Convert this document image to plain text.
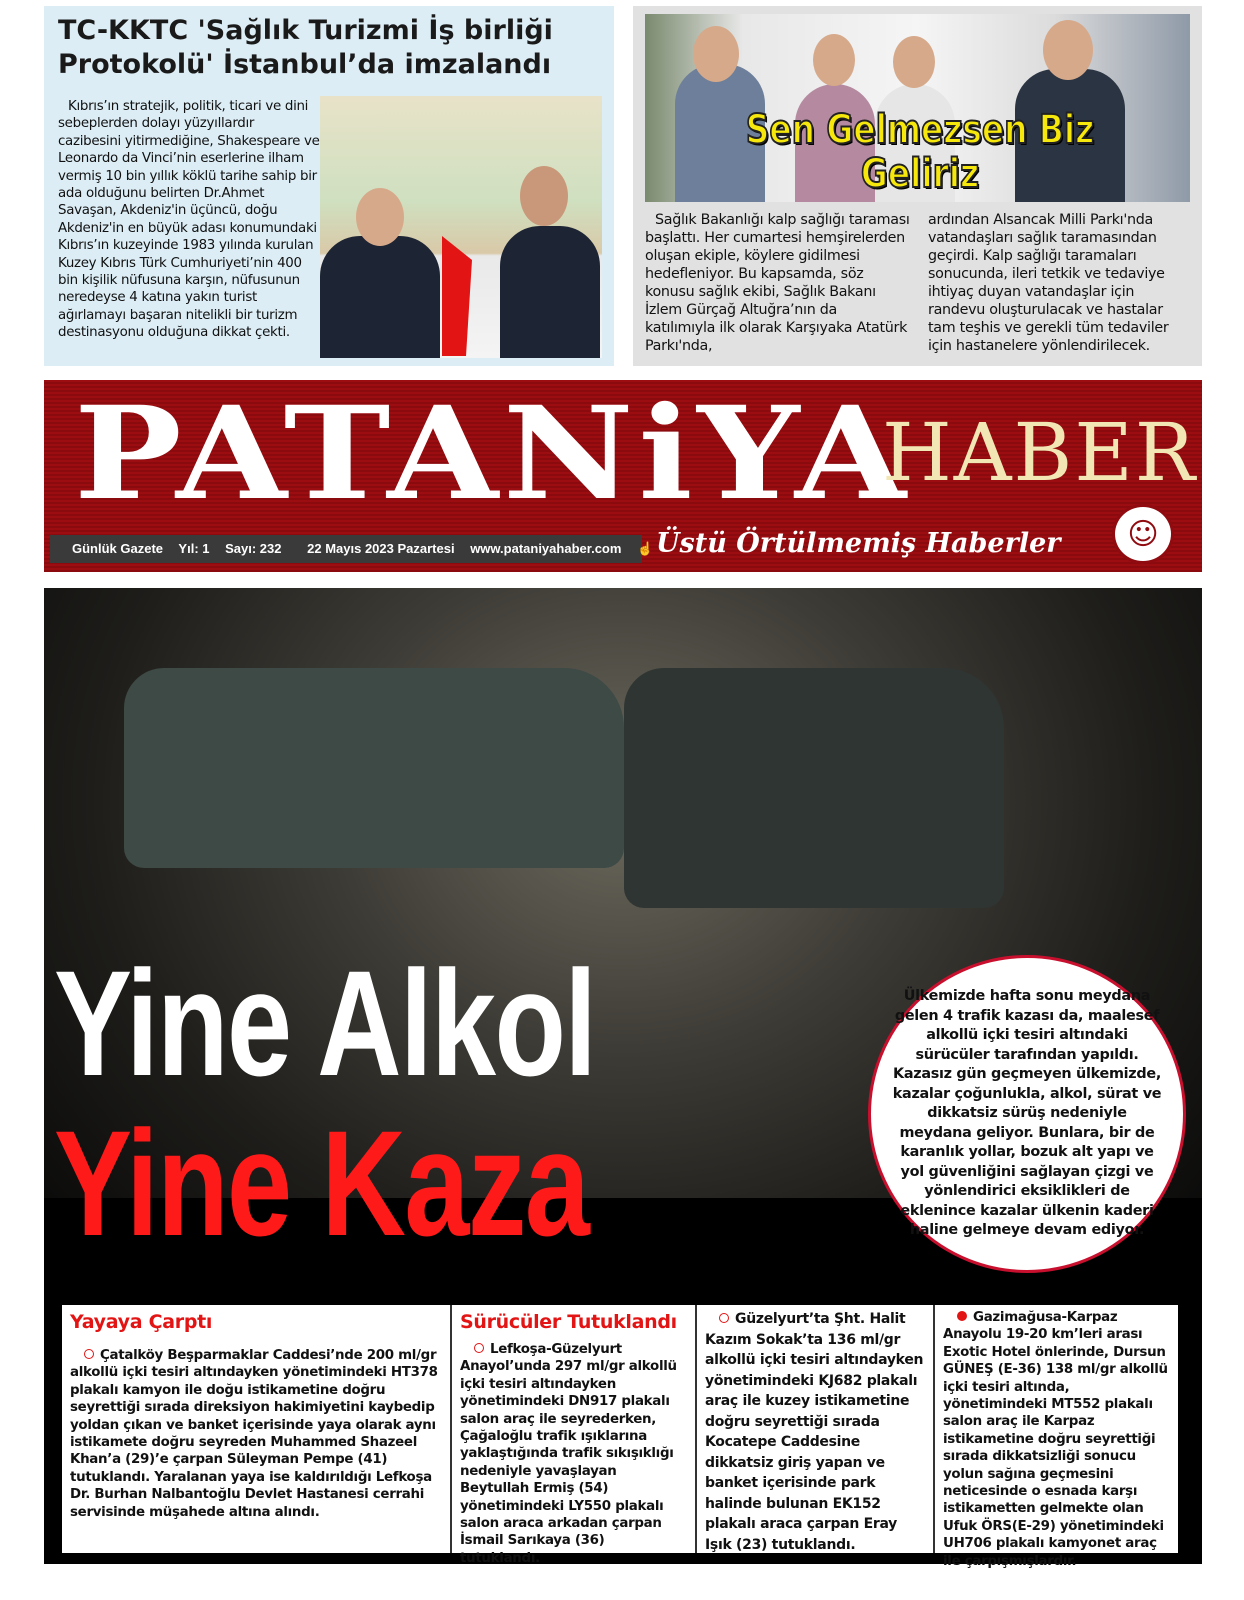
TC-KKTC 'Sağlık Turizmi İş birliği Protokolü' İstanbul’da imzalandı

Kıbrıs’ın stratejik, politik, ticari ve dini sebeplerden dolayı yüzyıllardır cazibesini yitirmediğine, Shakespeare ve Leonardo da Vinci’nin eserlerine ilham vermiş 10 bin yıllık köklü tarihe sahip bir ada olduğunu belirten Dr.Ahmet Savaşan, Akdeniz'in üçüncü, doğu Akdeniz'in en büyük adası konumundaki Kıbrıs’ın kuzeyinde 1983 yılında kurulan Kuzey Kıbrıs Türk Cumhuriyeti’nin 400 bin kişilik nüfusuna karşın, nüfusunun neredeyse 4 katına yakın turist ağırlamayı başaran nitelikli bir turizm destinasyonu olduğuna dikkat çekti.

Sen Gelmezsen Biz Geliriz

Sağlık Bakanlığı kalp sağlığı taraması başlattı. Her cumartesi hemşirelerden oluşan ekiple, köylere gidilmesi hedefleniyor. Bu kapsamda, söz konusu sağlık ekibi, Sağlık Bakanı İzlem Gürçağ Altuğra’nın da katılımıyla ilk olarak Karşıyaka Atatürk Parkı'nda,

ardından Alsancak Milli Parkı'nda vatandaşları sağlık taramasından geçirdi. Kalp sağlığı taramaları sonucunda, ileri tetkik ve tedaviye ihtiyaç duyan vatandaşlar için randevu oluşturulacak ve hastalar tam teşhis ve gerekli tüm tedaviler için hastanelere yönlendirilecek.

PATANiYA
HABER
Günlük Gazete Yıl: 1 Sayı: 232 22 Mayıs 2023 Pazartesi www.pataniyahaber.com ☝ Üstü Örtülmemiş Haberler	☺
Yine Alkol
Yine Kaza

Ülkemizde hafta sonu meydana gelen 4 trafik kazası da, maalesef alkollü içki tesiri altındaki sürücüler tarafından yapıldı. Kazasız gün geçmeyen ülkemizde, kazalar çoğunlukla, alkol, sürat ve dikkatsiz sürüş nedeniyle meydana geliyor. Bunlara, bir de karanlık yollar, bozuk alt yapı ve yol güvenliğini sağlayan çizgi ve yönlendirici eksiklikleri de eklenince kazalar ülkenin kaderi haline gelmeye devam ediyor.

Yayaya Çarptı
Çatalköy Beşparmaklar Caddesi’nde 200 ml/gr alkollü içki tesiri altındayken yönetimindeki HT378 plakalı kamyon ile doğu istikametine doğru seyrettiği sırada direksiyon hakimiyetini kaybedip yoldan çıkan ve banket içerisinde yaya olarak aynı istikamete doğru seyreden Muhammed Shazeel Khan’a (29)’e çarpan Süleyman Pempe (41) tutuklandı. Yaralanan yaya ise kaldırıldığı Lefkoşa Dr. Burhan Nalbantoğlu Devlet Hastanesi cerrahi servisinde müşahede altına alındı.
Sürücüler Tutuklandı
Lefkoşa-Güzelyurt Anayol’unda 297 ml/gr alkollü içki tesiri altındayken yönetimindeki DN917 plakalı salon araç ile seyrederken, Çağaloğlu trafik ışıklarına yaklaştığında trafik sıkışıklığı nedeniyle yavaşlayan Beytullah Ermiş (54) yönetimindeki LY550 plakalı salon araca arkadan çarpan İsmail Sarıkaya (36) tutuklandı.
Güzelyurt’ta Şht. Halit Kazım Sokak’ta 136 ml/gr alkollü içki tesiri altındayken yönetimindeki KJ682 plakalı araç ile kuzey istikametine doğru seyrettiği sırada Kocatepe Caddesine dikkatsiz giriş yapan ve banket içerisinde park halinde bulunan EK152 plakalı araca çarpan Eray Işık (23) tutuklandı.
Gazimağusa-Karpaz Anayolu 19-20 km’leri arası Exotic Hotel önlerinde, Dursun GÜNEŞ (E-36) 138 ml/gr alkollü içki tesiri altında, yönetimindeki MT552 plakalı salon araç ile Karpaz istikametine doğru seyrettiği sırada dikkatsizliği sonucu yolun sağına geçmesini neticesinde o esnada karşı istikametten gelmekte olan Ufuk ÖRS(E-29) yönetimindeki UH706 plakalı kamyonet araç ile çarpışmışlardır.
